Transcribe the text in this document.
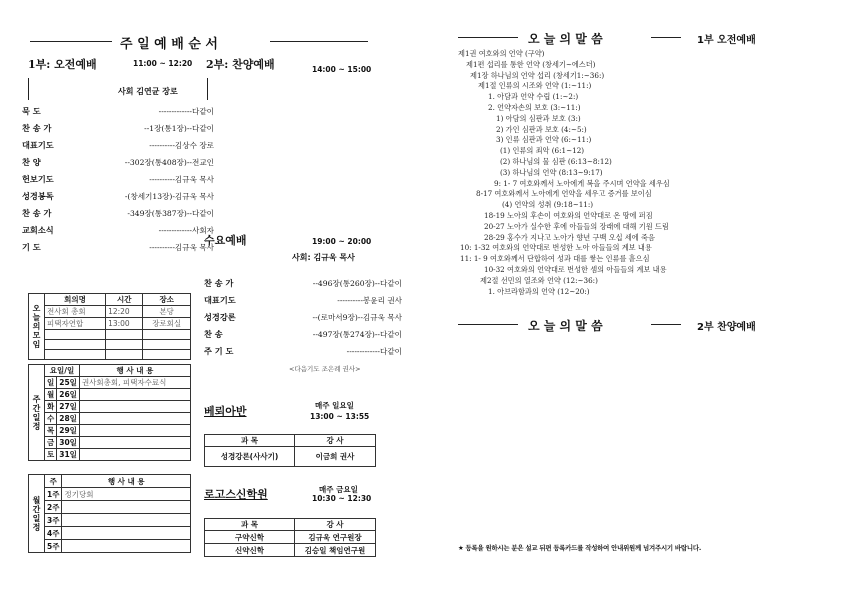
주 일 예 배 순 서
1부: 오전예배	11:00 ~ 12:20 2부: 찬양예배	14:00 ~ 15:00
사회 김연균 장로
묵 도	-------------다같이
찬 송 가	--1장(통1장)--다같이
대표기도	----------김상수 장로
찬 양	--302장(통408장)--전교인
헌보기도	----------김규욱 목사
성경봉독	-(창세기13장)-김규욱 목사
찬 송 가	-349장(통387장)--다같이
교회소식	-------------사회자
기 도	----------김규욱 목사
오늘의모임	회의명	시간	장소
	전사회 총회	12:20	본당
	피택자연합	13:00	장로회실

주간일정	요일/일		행 사 내 용
	일	25일	권사회총회, 피택자수료식
	월	26일	
	화	27일	
	수	28일	
	목	29일	
	금	30일	
	토	31일	
월간일정	주	행 사 내 용
	1주	정기당회
	2주	
	3주	
	4주	
	5주	
수요예배	19:00 ~ 20:00
사회: 김규욱 목사
찬 송 가	--496장(통260장)--다같이
대표기도	----------봉윤리 권사
성경강론	--(로마서9장)--김규욱 목사
찬 송	--497장(통274장)--다같이
주 기 도	-------------다같이
<다음기도 조은례 권사>
베뢰아반	매주 일요일
13:00 ~ 13:55
과 목	강 사
성경강론(사사기)	이금희 권사
로고스신학원	매주 금요일
10:30 ~ 12:30
과 목	강 사
구약신학	김규욱 연구원장
신약신학	김승일 책임연구원
오 늘 의 말 씀	1부 오전예배
제1권 여호와의 언약 (구약)
제1편 섭리를 통한 언약 (창세기~에스더)
제1장 하나님의 언약 섭리 (창세기1:~36:)
제1절 인류의 시조와 언약 (1:~11:)
1. 아담과 언약 수립 (1:~2:)
2. 언약자손의 보호 (3:~11:)
1) 아담의 심판과 보호 (3:)
2) 가인 심판과 보호 (4:~5:)
3) 인류 심판과 언약 (6:~11:)
(1) 인류의 죄악 (6:1~12)
(2) 하나님의 물 심판 (6:13~8:12)
(3) 하나님의 언약 (8:13~9:17)
9: 1- 7 여호와께서 노아에게 복을 주시며 언약을 세우심
8-17 여호와께서 노아에게 언약을 세우고 증거를 보이심
(4) 언약의 성취 (9:18~11:)
18-19 노아의 후손이 여호와의 언약대로 온 땅에 퍼짐
20-27 노아가 실수한 후에 아들들의 장래에 대해 기원 드림
28-29 홍수가 지나고 노아가 향년 구백 오십 세에 죽음
10: 1-32 여호와의 언약대로 번성한 노아 아들들의 계보 내용
11: 1- 9 여호와께서 단합하여 성과 대를 쌓는 인류를 흩으심
10-32 여호와의 언약대로 번성한 셈의 아들들의 계보 내용
제2절 선민의 열조와 언약 (12:~36:)
1. 아브라함과의 언약 (12~20:)
오 늘 의 말 씀	2부 찬양예배
★ 등록을 원하시는 분은 설교 뒤편 등록카드를 작성하여 안내위원께 넘겨주시기 바랍니다.
